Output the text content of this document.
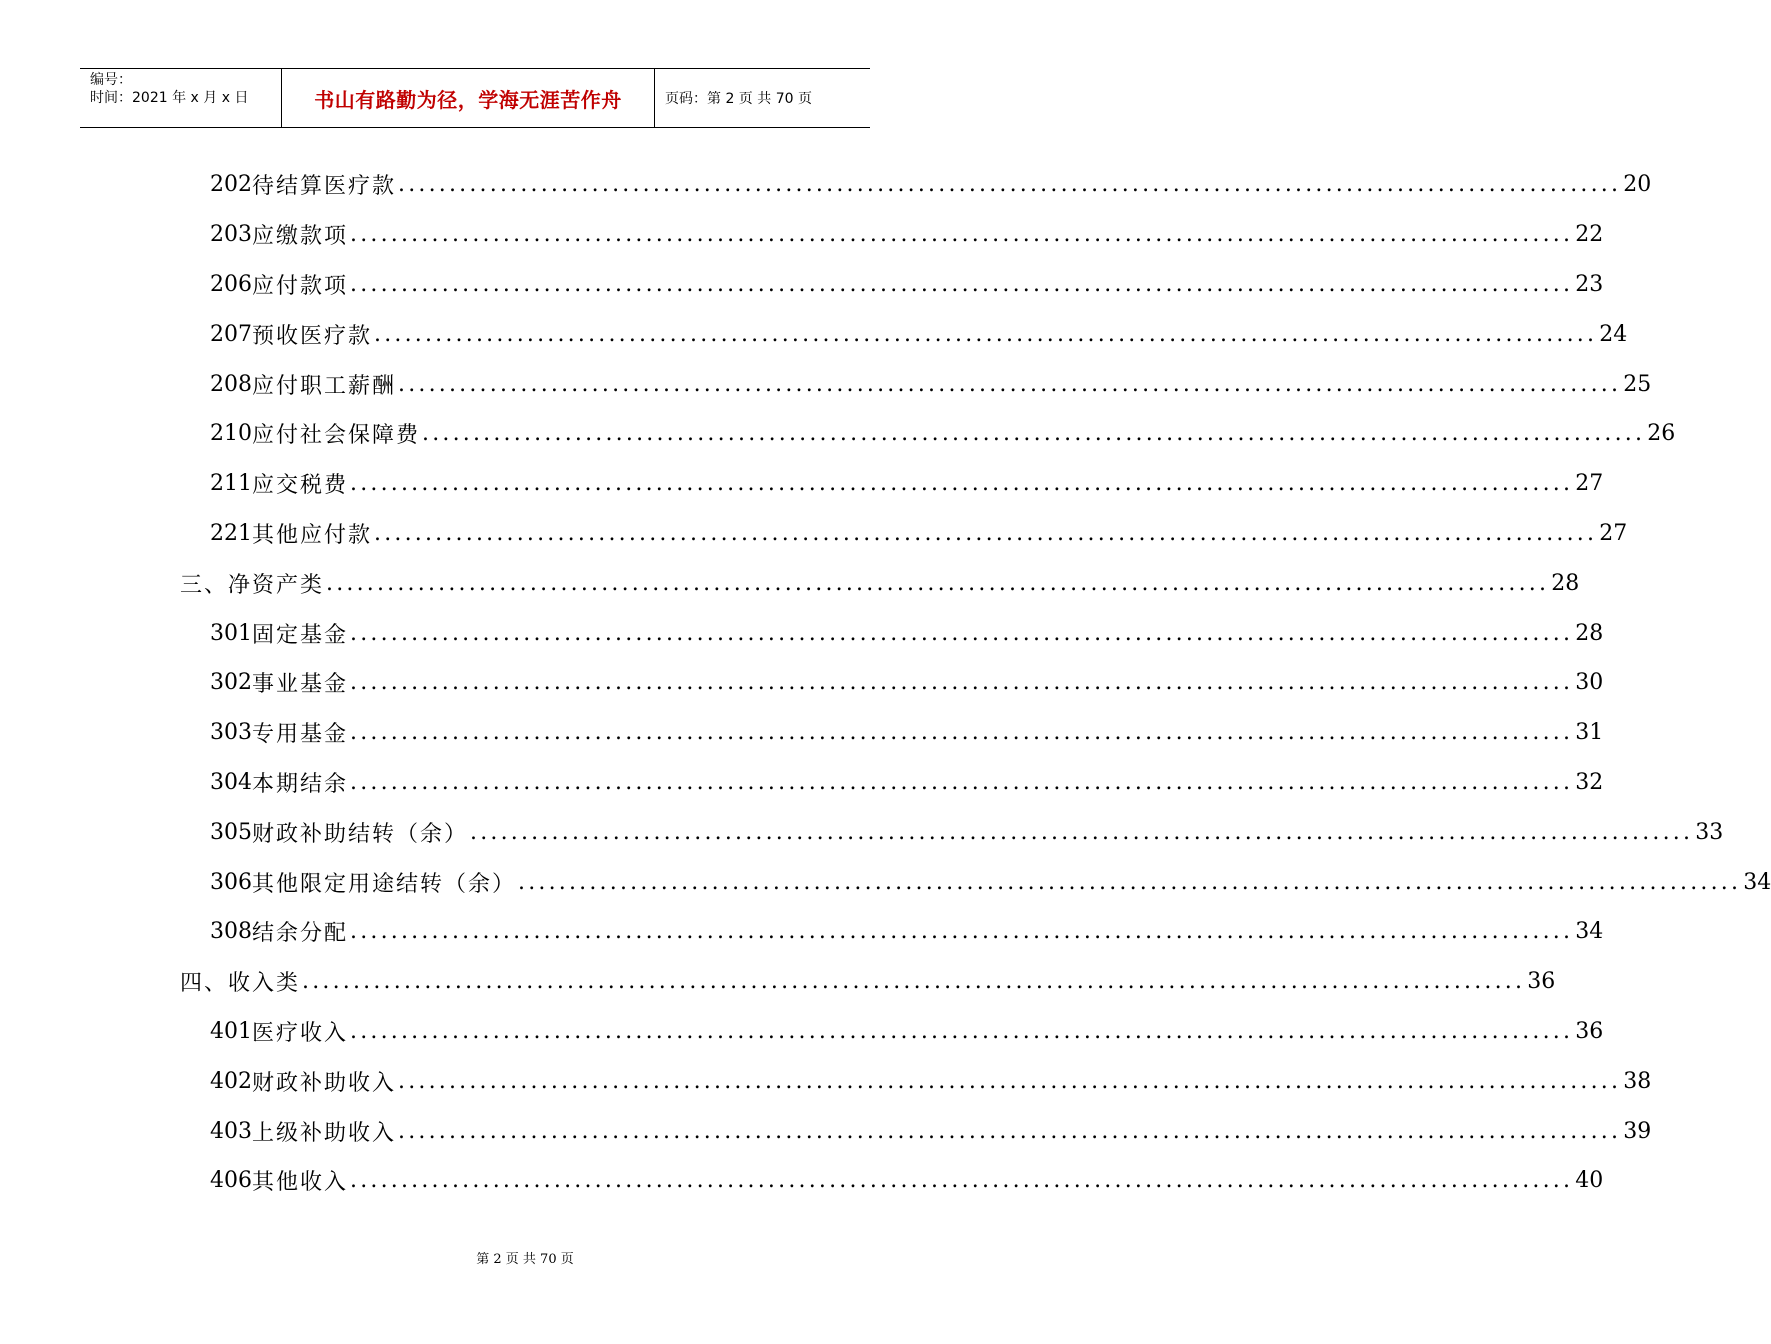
编号：
时间：2021 年 x 月 x 日	书山有路勤为径，学海无涯苦作舟	页码：第 2 页 共 70 页
202 待结算医疗款 ........................................................................................................................ 20
203 应缴款项 ........................................................................................................................ 22
206 应付款项 ........................................................................................................................ 23
207 预收医疗款 ........................................................................................................................ 24
208 应付职工薪酬 ........................................................................................................................ 25
210 应付社会保障费 ........................................................................................................................ 26
211 应交税费 ........................................................................................................................ 27
221 其他应付款 ........................................................................................................................ 27
三、净资产类 ........................................................................................................................ 28
301 固定基金 ........................................................................................................................ 28
302 事业基金 ........................................................................................................................ 30
303 专用基金 ........................................................................................................................ 31
304 本期结余 ........................................................................................................................ 32
305 财政补助结转（余） ........................................................................................................................ 33
306 其他限定用途结转（余） ........................................................................................................................ 34
308 结余分配 ........................................................................................................................ 34
四、收入类 ........................................................................................................................ 36
401 医疗收入 ........................................................................................................................ 36
402 财政补助收入 ........................................................................................................................ 38
403 上级补助收入 ........................................................................................................................ 39
406 其他收入 ........................................................................................................................ 40
第 2 页 共 70 页
